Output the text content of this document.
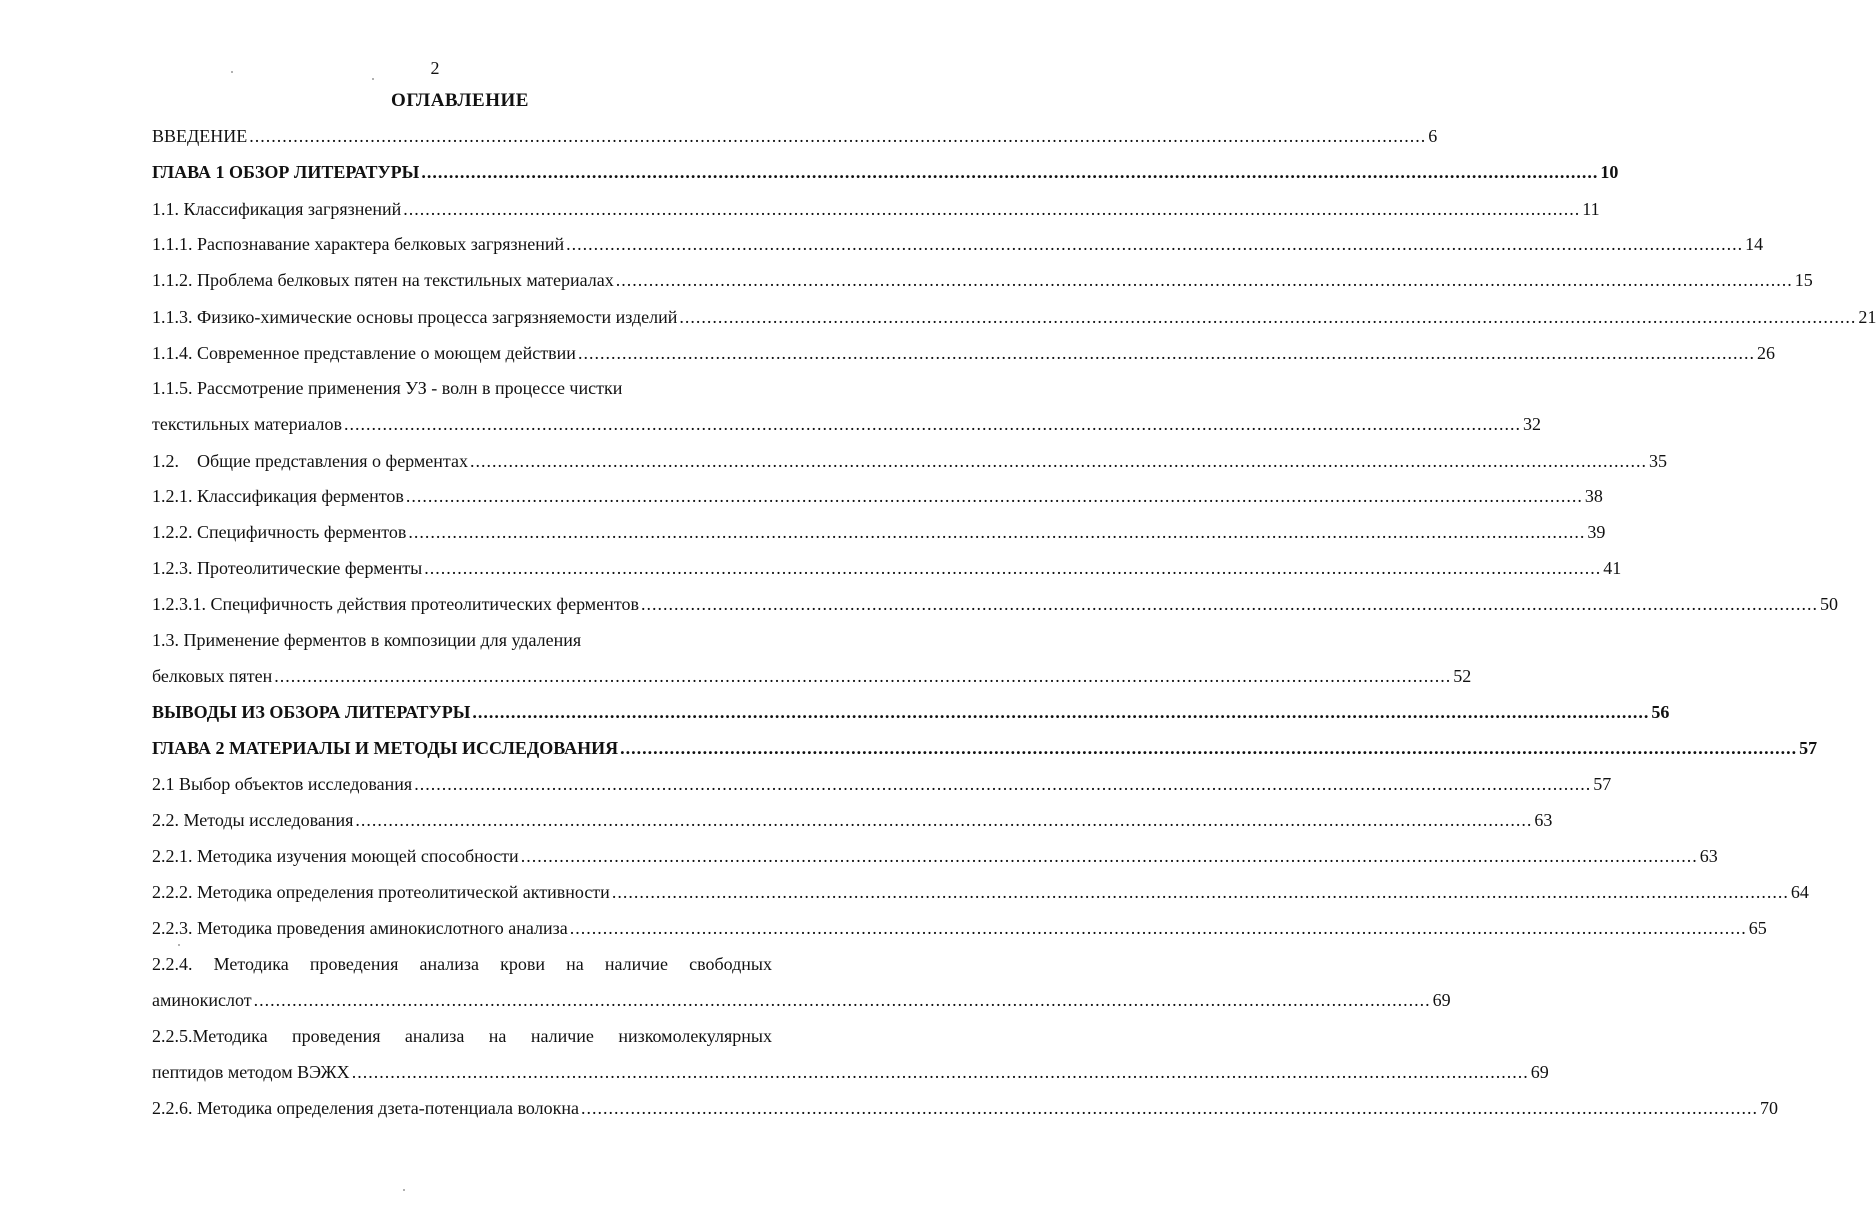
2
ОГЛАВЛЕНИЕ
ВВЕДЕНИЕ .....	6
ГЛАВА 1 ОБЗОР ЛИТЕРАТУРЫ .....	10
1.1. Классификация загрязнений .....	11
1.1.1. Распознавание характера белковых загрязнений .....	14
1.1.2. Проблема белковых пятен на текстильных материалах .....	15
1.1.3. Физико-химические основы процесса загрязняемости изделий .....	21
1.1.4. Современное представление о моющем действии .....	26
1.1.5. Рассмотрение применения УЗ - волн в процессе чистки
текстильных материалов .....	32
1.2.    Общие представления о ферментах .....	35
1.2.1. Классификация ферментов .....	38
1.2.2. Специфичность ферментов .....	39
1.2.3. Протеолитические ферменты .....	41
1.2.3.1. Специфичность действия протеолитических ферментов .....	50
1.3. Применение ферментов в композиции для удаления
белковых пятен .....	52
ВЫВОДЫ ИЗ ОБЗОРА ЛИТЕРАТУРЫ .....	56
ГЛАВА 2 МАТЕРИАЛЫ И МЕТОДЫ ИССЛЕДОВАНИЯ .....	57
2.1 Выбор объектов исследования .....	57
2.2. Методы исследования .....	63
2.2.1. Методика изучения моющей способности .....	63
2.2.2. Методика определения протеолитической активности .....	64
2.2.3. Методика проведения аминокислотного анализа .....	65
2.2.4. Методика проведения анализа крови на наличие свободных
аминокислот .....	69
2.2.5.Методика проведения анализа на наличие низкомолекулярных
пептидов методом ВЭЖХ .....	69
2.2.6. Методика определения дзета-потенциала волокна .....	70
